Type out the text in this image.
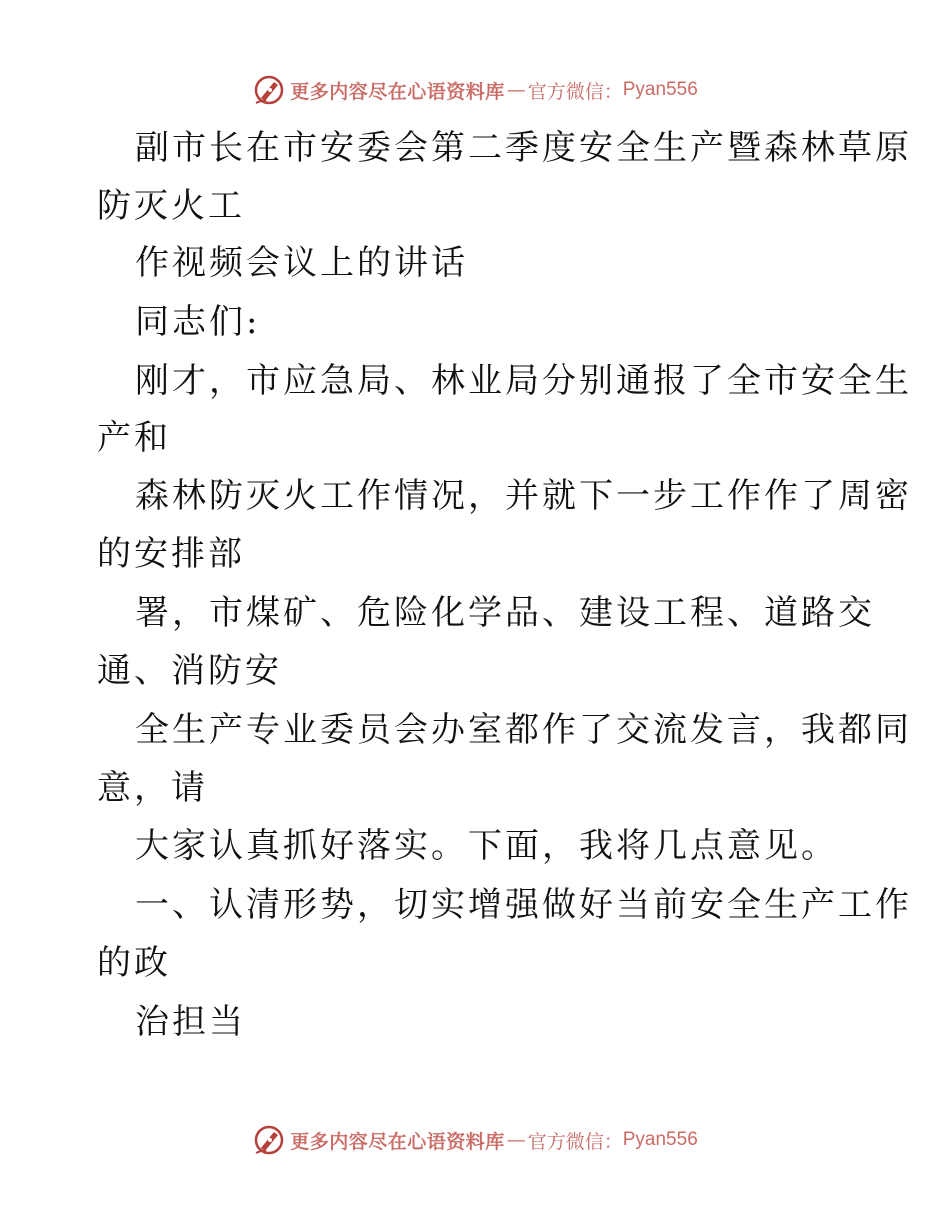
更多内容尽在心语资料库 — 官方微信： Pyan556
副市长在市安委会第二季度安全生产暨森林草原
防灭火工
作视频会议上的讲话
同志们:
刚才，市应急局、林业局分别通报了全市安全生
产和
森林防灭火工作情况，并就下一步工作作了周密
的安排部
署，市煤矿、危险化学品、建设工程、道路交
通、消防安
全生产专业委员会办室都作了交流发言，我都同
意，请
大家认真抓好落实。下面，我将几点意见。
一、认清形势，切实增强做好当前安全生产工作
的政
治担当
更多内容尽在心语资料库 — 官方微信： Pyan556
